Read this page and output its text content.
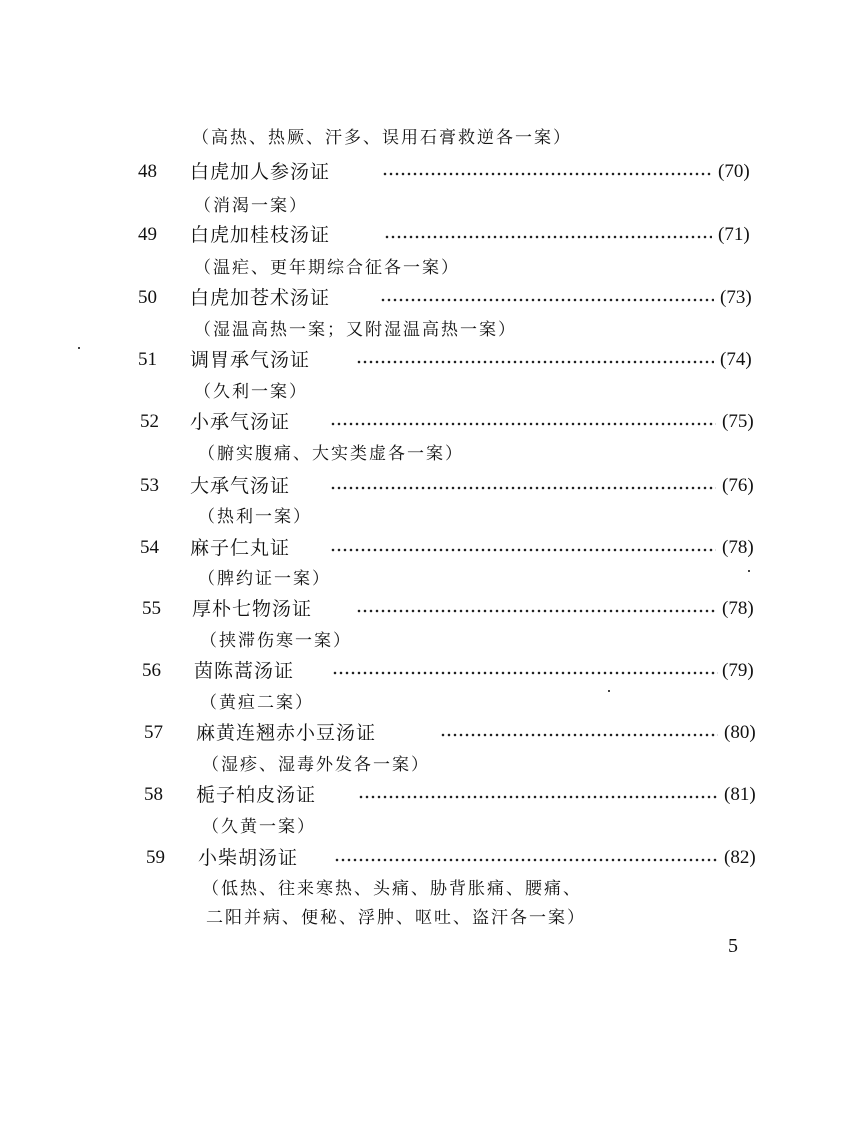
（高热、热厥、汗多、误用石膏救逆各一案）
48	白虎加人参汤证	(70)
（消渴一案）
49	白虎加桂枝汤证	(71)
（温疟、更年期综合征各一案）
50	白虎加苍术汤证	(73)
（湿温高热一案；又附湿温高热一案）
51	调胃承气汤证	(74)
（久利一案）
52	小承气汤证	(75)
（腑实腹痛、大实类虚各一案）
53	大承气汤证	(76)
（热利一案）
54	麻子仁丸证	(78)
（脾约证一案）
55	厚朴七物汤证	(78)
（挟滞伤寒一案）
56	茵陈蒿汤证	(79)
（黄疸二案）
57	麻黄连翘赤小豆汤证	(80)
（湿疹、湿毒外发各一案）
58	栀子柏皮汤证	(81)
（久黄一案）
59	小柴胡汤证	(82)
（低热、往来寒热、头痛、胁背胀痛、腰痛、
二阳并病、便秘、浮肿、呕吐、盗汗各一案）
5
